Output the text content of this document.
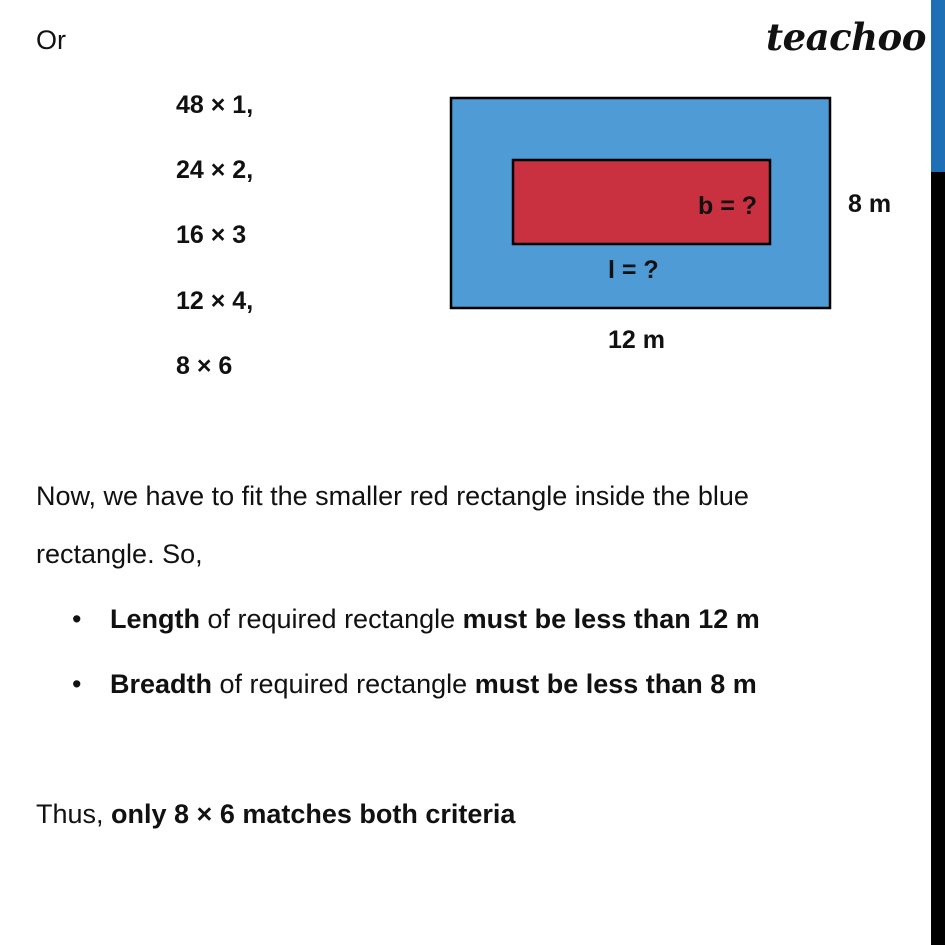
Or	teachoo
48 × 1,
24 × 2,
16 × 3
12 × 4,
8 × 6
b = ?
l = ?
8 m
12 m
Now, we have to fit the smaller red rectangle inside the blue
rectangle. So,
• Length of required rectangle must be less than 12 m
• Breadth of required rectangle must be less than 8 m
Thus, only 8 × 6 matches both criteria
